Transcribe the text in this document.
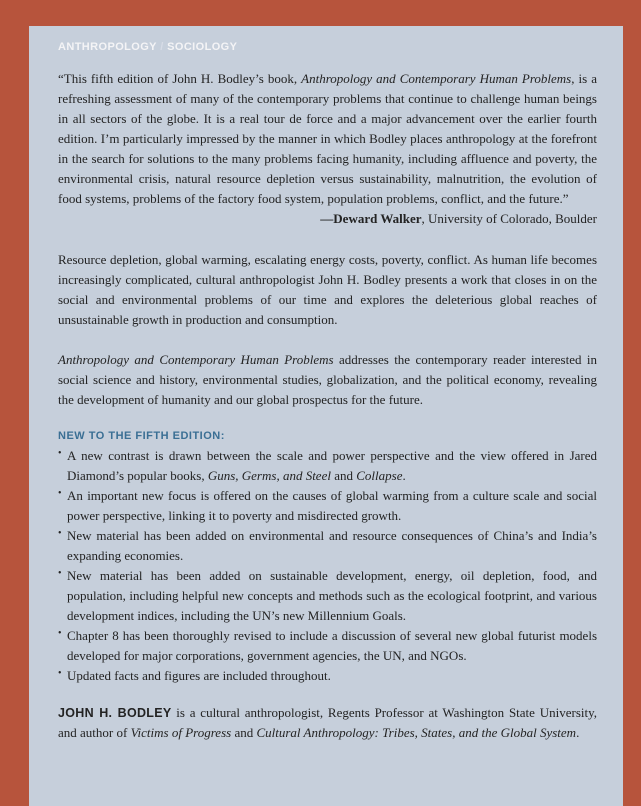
ANTHROPOLOGY / SOCIOLOGY

“This fifth edition of John H. Bodley’s book, Anthropology and Contemporary Human Problems, is a refreshing assessment of many of the contemporary problems that continue to challenge human beings in all sectors of the globe. It is a real tour de force and a major advancement over the earlier fourth edition. I’m particularly impressed by the manner in which Bodley places anthropology at the forefront in the search for solutions to the many problems facing humanity, including affluence and poverty, the environmental crisis, natural resource depletion versus sustainability, malnutrition, the evolution of food systems, problems of the factory food system, population problems, conflict, and the future.”

—Deward Walker, University of Colorado, Boulder

Resource depletion, global warming, escalating energy costs, poverty, conflict. As human life becomes increasingly complicated, cultural anthropologist John H. Bodley presents a work that closes in on the social and environmental problems of our time and explores the deleterious global reaches of unsustainable growth in production and consumption.

Anthropology and Contemporary Human Problems addresses the contemporary reader interested in social science and history, environmental studies, globalization, and the political economy, revealing the development of humanity and our global prospectus for the future.

NEW TO THE FIFTH EDITION:
• A new contrast is drawn between the scale and power perspective and the view offered in Jared Diamond’s popular books, Guns, Germs, and Steel and Collapse.
• An important new focus is offered on the causes of global warming from a culture scale and social power perspective, linking it to poverty and misdirected growth.
• New material has been added on environmental and resource consequences of China’s and India’s expanding economies.
• New material has been added on sustainable development, energy, oil depletion, food, and population, including helpful new concepts and methods such as the ecological footprint, and various development indices, including the UN’s new Millennium Goals.
• Chapter 8 has been thoroughly revised to include a discussion of several new global futurist models developed for major corporations, government agencies, the UN, and NGOs.
• Updated facts and figures are included throughout.

JOHN H. BODLEY is a cultural anthropologist, Regents Professor at Washington State University, and author of Victims of Progress and Cultural Anthropology: Tribes, States, and the Global System.
